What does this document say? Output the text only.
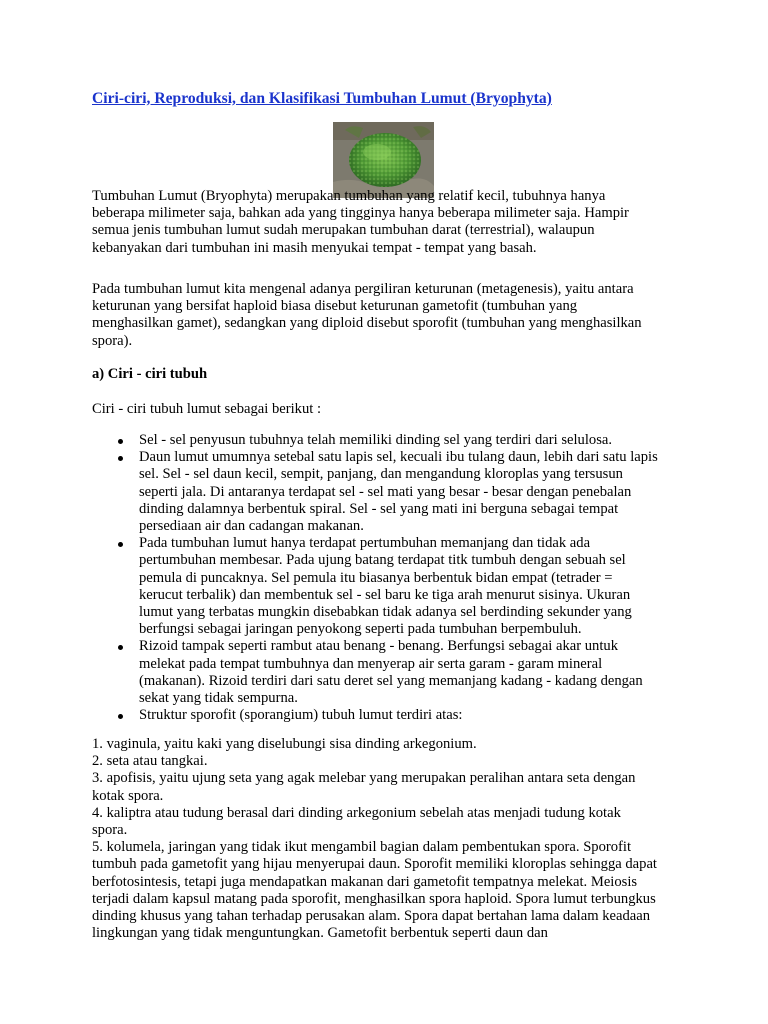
Ciri-ciri, Reproduksi, dan Klasifikasi Tumbuhan Lumut (Bryophyta)

Tumbuhan Lumut (Bryophyta) merupakan tumbuhan yang relatif kecil, tubuhnya hanya beberapa milimeter saja, bahkan ada yang tingginya hanya beberapa milimeter saja. Hampir semua jenis tumbuhan lumut sudah merupakan tumbuhan darat (terrestrial), walaupun kebanyakan dari tumbuhan ini masih menyukai tempat - tempat yang basah.

Pada tumbuhan lumut kita mengenal adanya pergiliran keturunan (metagenesis), yaitu antara keturunan yang bersifat haploid biasa disebut keturunan gametofit (tumbuhan yang menghasilkan gamet), sedangkan yang diploid disebut sporofit (tumbuhan yang menghasilkan spora).

a) Ciri - ciri tubuh
Ciri - ciri tubuh lumut sebagai berikut :
Sel - sel penyusun tubuhnya telah memiliki dinding sel yang terdiri dari selulosa.
Daun lumut umumnya setebal satu lapis sel, kecuali ibu tulang daun, lebih dari satu lapis sel. Sel - sel daun kecil, sempit, panjang, dan mengandung kloroplas yang tersusun seperti jala. Di antaranya terdapat sel - sel mati yang besar - besar dengan penebalan dinding dalamnya berbentuk spiral. Sel - sel yang mati ini berguna sebagai tempat persediaan air dan cadangan makanan.
Pada tumbuhan lumut hanya terdapat pertumbuhan memanjang dan tidak ada pertumbuhan membesar. Pada ujung batang terdapat titk tumbuh dengan sebuah sel pemula di puncaknya. Sel pemula itu biasanya berbentuk bidan empat (tetrader = kerucut terbalik) dan membentuk sel - sel baru ke tiga arah menurut sisinya. Ukuran lumut yang terbatas mungkin disebabkan tidak adanya sel berdinding sekunder yang berfungsi sebagai jaringan penyokong seperti pada tumbuhan berpembuluh.
Rizoid tampak seperti rambut atau benang - benang. Berfungsi sebagai akar untuk melekat pada tempat tumbuhnya dan menyerap air serta garam - garam mineral (makanan). Rizoid terdiri dari satu deret sel yang memanjang kadang - kadang dengan sekat yang tidak sempurna.
Struktur sporofit (sporangium) tubuh lumut terdiri atas:
1. vaginula, yaitu kaki yang diselubungi sisa dinding arkegonium.
2. seta atau tangkai.
3. apofisis, yaitu ujung seta yang agak melebar yang merupakan peralihan antara seta dengan kotak spora.
4. kaliptra atau tudung berasal dari dinding arkegonium sebelah atas menjadi tudung kotak spora.
5. kolumela, jaringan yang tidak ikut mengambil bagian dalam pembentukan spora. Sporofit tumbuh pada gametofit yang hijau menyerupai daun. Sporofit memiliki kloroplas sehingga dapat berfotosintesis, tetapi juga mendapatkan makanan dari gametofit tempatnya melekat. Meiosis terjadi dalam kapsul matang pada sporofit, menghasilkan spora haploid. Spora lumut terbungkus dinding khusus yang tahan terhadap perusakan alam. Spora dapat bertahan lama dalam keadaan lingkungan yang tidak menguntungkan. Gametofit berbentuk seperti daun dan
